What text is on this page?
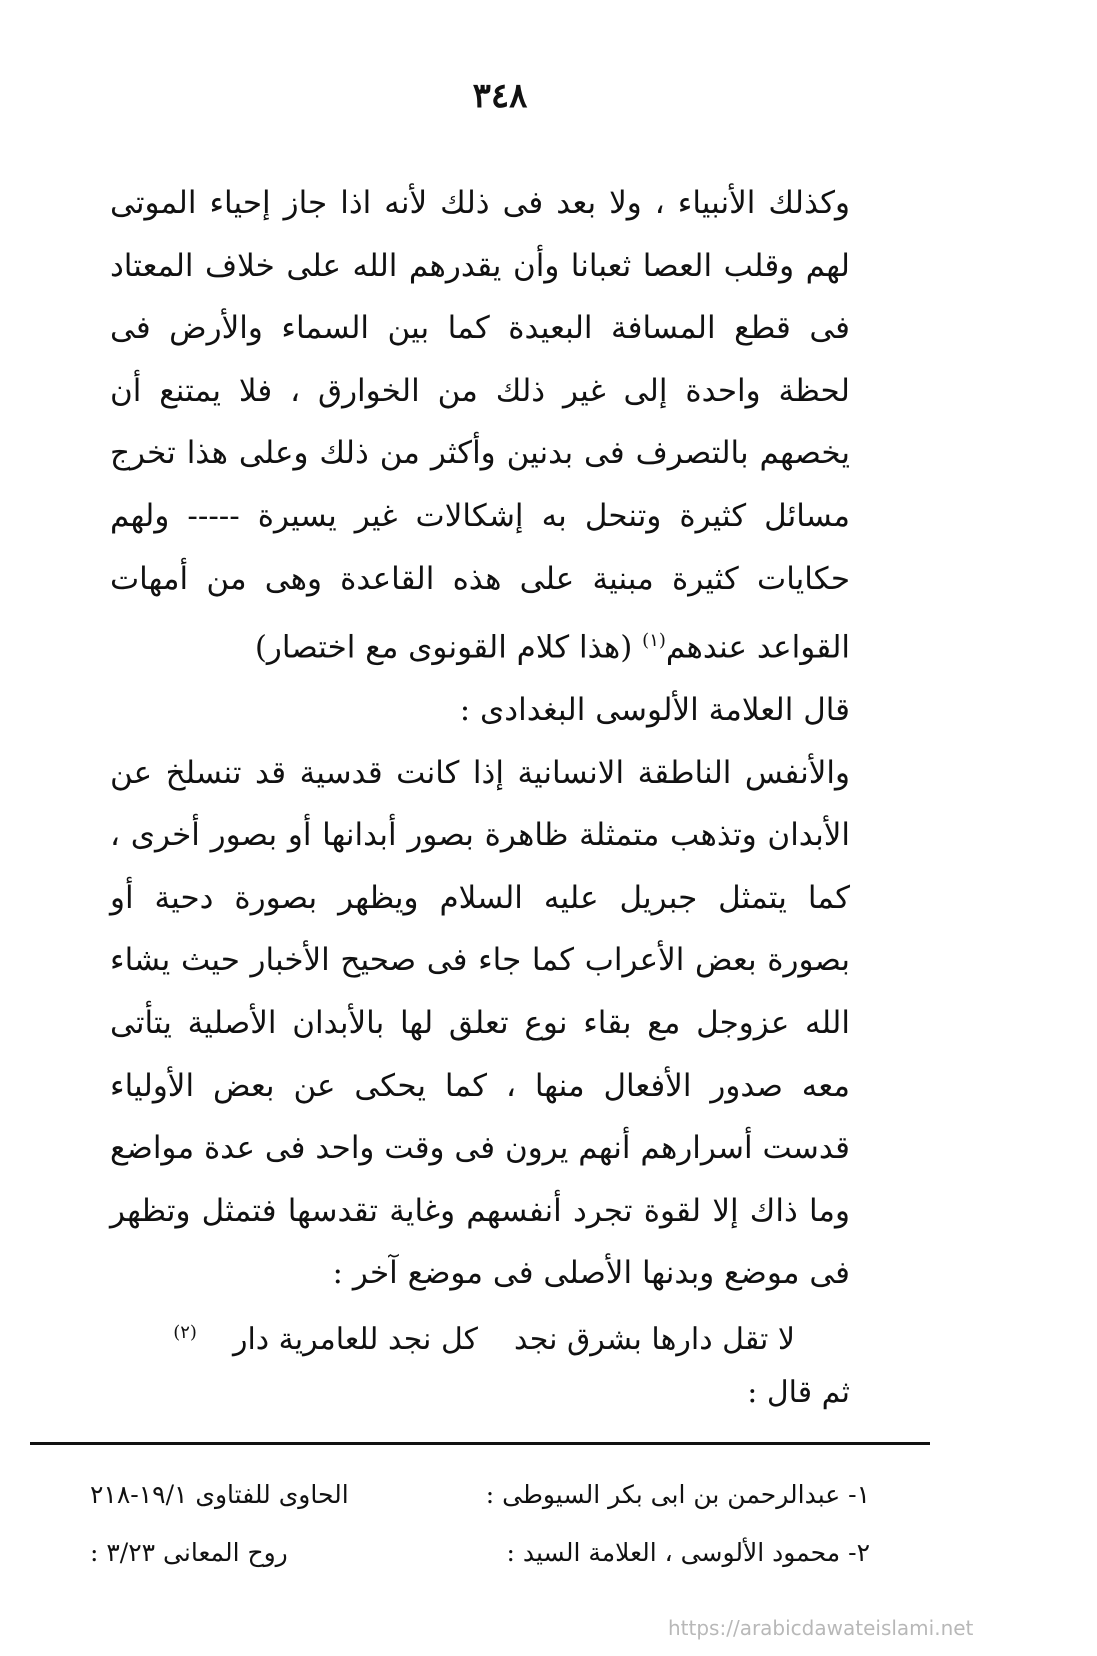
٣٤٨

وكذلك الأنبياء ، ولا بعد فى ذلك لأنه اذا جاز إحياء الموتى لهم وقلب العصا ثعبانا وأن يقدرهم الله على خلاف المعتاد فى قطع المسافة البعيدة كما بين السماء والأرض فى لحظة واحدة إلى غير ذلك من الخوارق ، فلا يمتنع أن يخصهم بالتصرف فى بدنين وأكثر من ذلك وعلى هذا تخرج مسائل كثيرة وتنحل به إشكالات غير يسيرة ----- ولهم حكايات كثيرة مبنية على هذه القاعدة وهى من أمهات القواعد عندهم$^{(١)}$ (هذا كلام القونوى مع اختصار)

قال العلامة الألوسى البغدادى :

والأنفس الناطقة الانسانية إذا كانت قدسية قد تنسلخ عن الأبدان وتذهب متمثلة ظاهرة بصور أبدانها أو بصور أخرى ، كما يتمثل جبريل عليه السلام ويظهر بصورة دحية أو بصورة بعض الأعراب كما جاء فى صحيح الأخبار حيث يشاء الله عزوجل مع بقاء نوع تعلق لها بالأبدان الأصلية يتأتى معه صدور الأفعال منها ، كما يحكى عن بعض الأولياء قدست أسرارهم أنهم يرون فى وقت واحد فى عدة مواضع وما ذاك إلا لقوة تجرد أنفسهم وغاية تقدسها فتمثل وتظهر فى موضع وبدنها الأصلى فى موضع آخر :

لا تقل دارها بشرق نجدكل نجد للعامرية دار$^{(٢)}$
ثم قال :
١- عبدالرحمن بن ابى بكر السيوطى :
الحاوى للفتاوى ١٩/١-٢١٨
٢- محمود الألوسى ، العلامة السيد :
روح المعانى ٣/٢٣ :
https://arabicdawateislami.net
